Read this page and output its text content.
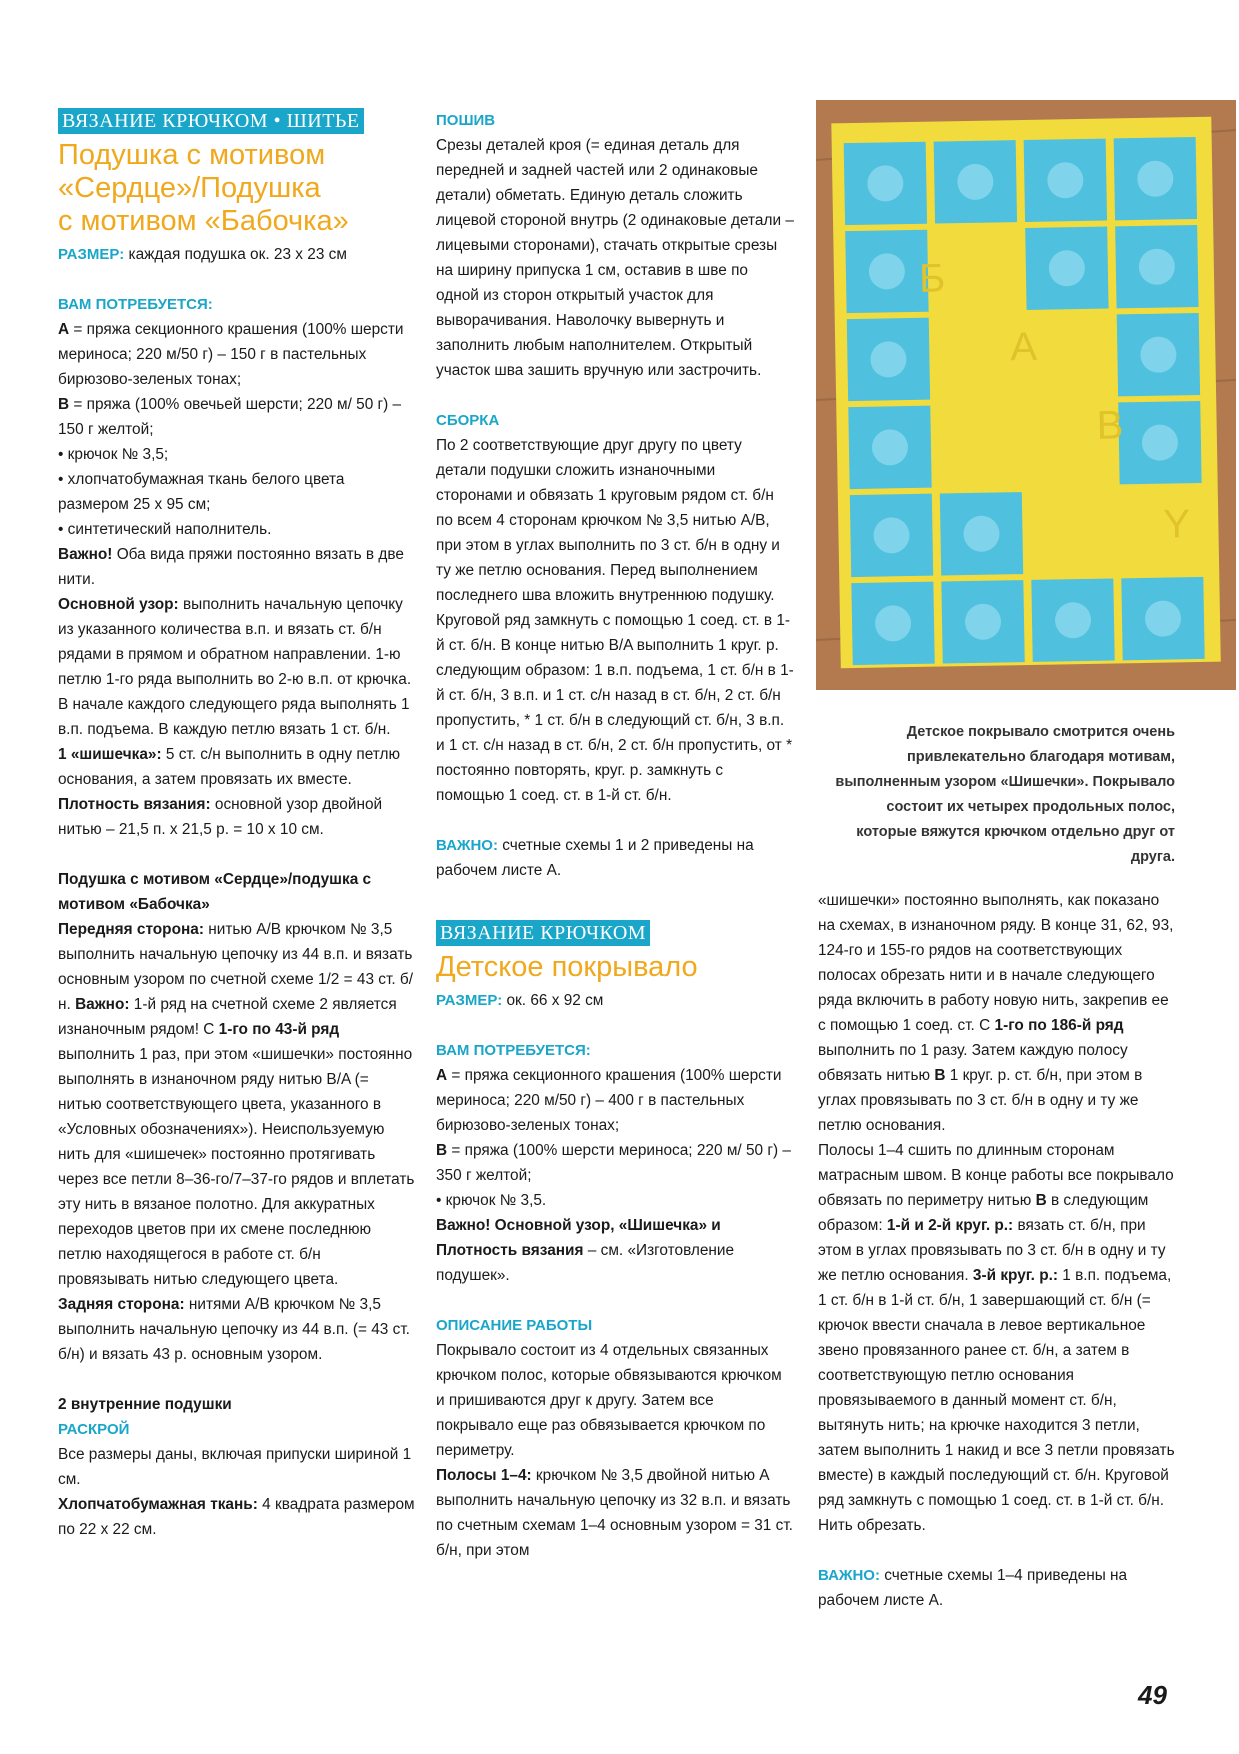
ВЯЗАНИЕ КРЮЧКОМ • ШИТЬЕ
Подушка с мотивом
«Сердце»/Подушка
с мотивом «Бабочка»

РАЗМЕР: каждая подушка ок. 23 x 23 см

ВАМ ПОТРЕБУЕТСЯ:

A = пряжа секционного крашения (100% шерсти мериноса; 220 м/50 г) – 150 г в пастельных бирюзово-зеленых тонах;

B = пряжа (100% овечьей шерсти; 220 м/ 50 г) – 150 г желтой;

• крючок № 3,5;

• хлопчатобумажная ткань белого цвета размером 25 x 95 см;

• синтетический наполнитель.

Важно! Оба вида пряжи постоянно вязать в две нити.

Основной узор: выполнить начальную цепочку из указанного количества в.п. и вязать ст. б/н рядами в прямом и обратном направлении. 1-ю петлю 1-го ряда выполнить во 2-ю в.п. от крючка. В начале каждого следующего ряда выполнять 1 в.п. подъема. В каждую петлю вязать 1 ст. б/н.

1 «шишечка»: 5 ст. с/н выполнить в одну петлю основания, а затем провязать их вместе.

Плотность вязания: основной узор двойной нитью – 21,5 п. x 21,5 р. = 10 x 10 см.

Подушка с мотивом «Сердце»/подушка с мотивом «Бабочка»

Передняя сторона: нитью A/B крючком № 3,5 выполнить начальную цепочку из 44 в.п. и вязать основным узором по счетной схеме 1/2 = 43 ст. б/н. Важно: 1-й ряд на счетной схеме 2 является изнаночным рядом! С 1-го по 43-й ряд выполнить 1 раз, при этом «шишечки» постоянно выполнять в изнаночном ряду нитью B/A (= нитью соответствующего цвета, указанного в «Условных обозначениях»). Неиспользуемую нить для «шишечек» постоянно протягивать через все петли 8–36-го/7–37-го рядов и вплетать эту нить в вязаное полотно. Для аккуратных переходов цветов при их смене последнюю петлю находящегося в работе ст. б/н провязывать нитью следующего цвета.

Задняя сторона: нитями A/B крючком № 3,5 выполнить начальную цепочку из 44 в.п. (= 43 ст. б/н) и вязать 43 р. основным узором.

2 внутренние подушки

РАСКРОЙ

Все размеры даны, включая припуски шириной 1 см.

Хлопчатобумажная ткань: 4 квадрата размером по 22 x 22 см.

ПОШИВ

Срезы деталей кроя (= единая деталь для передней и задней частей или 2 одинаковые детали) обметать. Единую деталь сложить лицевой стороной внутрь (2 одинаковые детали – лицевыми сторонами), стачать открытые срезы на ширину припуска 1 см, оставив в шве по одной из сторон открытый участок для выворачивания. Наволочку вывернуть и заполнить любым наполнителем. Открытый участок шва зашить вручную или застрочить.

СБОРКА

По 2 соответствующие друг другу по цвету детали подушки сложить изнаночными сторонами и обвязать 1 круговым рядом ст. б/н по всем 4 сторонам крючком № 3,5 нитью A/B, при этом в углах выполнить по 3 ст. б/н в одну и ту же петлю основания. Перед выполнением последнего шва вложить внутреннюю подушку. Круговой ряд замкнуть с помощью 1 соед. ст. в 1-й ст. б/н. В конце нитью B/A выполнить 1 круг. р. следующим образом: 1 в.п. подъема, 1 ст. б/н в 1-й ст. б/н, 3 в.п. и 1 ст. с/н назад в ст. б/н, 2 ст. б/н пропустить, * 1 ст. б/н в следующий ст. б/н, 3 в.п. и 1 ст. с/н назад в ст. б/н, 2 ст. б/н пропустить, от * постоянно повторять, круг. р. замкнуть с помощью 1 соед. ст. в 1-й ст. б/н.

ВАЖНО: счетные схемы 1 и 2 приведены на рабочем листе A.

ВЯЗАНИЕ КРЮЧКОМ
Детское покрывало

РАЗМЕР: ок. 66 x 92 см

ВАМ ПОТРЕБУЕТСЯ:

A = пряжа секционного крашения (100% шерсти мериноса; 220 м/50 г) – 400 г в пастельных бирюзово-зеленых тонах;

B = пряжа (100% шерсти мериноса; 220 м/ 50 г) – 350 г желтой;

• крючок № 3,5.

Важно! Основной узор, «Шишечка» и Плотность вязания – см. «Изготовление подушек».

ОПИСАНИЕ РАБОТЫ

Покрывало состоит из 4 отдельных связанных крючком полос, которые обвязываются крючком и пришиваются друг к другу. Затем все покрывало еще раз обвязывается крючком по периметру.

Полосы 1–4: крючком № 3,5 двойной нитью A выполнить начальную цепочку из 32 в.п. и вязать по счетным схемам 1–4 основным узором = 31 ст. б/н, при этом

Б
А
В
Y
Детское покрывало смотрится очень привлекательно благодаря мотивам, выполненным узором «Шишечки». Покрывало состоит их четырех продольных полос, которые вяжутся крючком отдельно друг от друга.

«шишечки» постоянно выполнять, как показано на схемах, в изнаночном ряду. В конце 31, 62, 93, 124-го и 155-го рядов на соответствующих полосах обрезать нити и в начале следующего ряда включить в работу новую нить, закрепив ее с помощью 1 соед. ст. С 1-го по 186-й ряд выполнить по 1 разу. Затем каждую полосу обвязать нитью B 1 круг. р. ст. б/н, при этом в углах провязывать по 3 ст. б/н в одну и ту же петлю основания.

Полосы 1–4 сшить по длинным сторонам матрасным швом. В конце работы все покрывало обвязать по периметру нитью B в следующим образом: 1-й и 2-й круг. р.: вязать ст. б/н, при этом в углах провязывать по 3 ст. б/н в одну и ту же петлю основания. 3-й круг. р.: 1 в.п. подъема, 1 ст. б/н в 1-й ст. б/н, 1 завершающий ст. б/н (= крючок ввести сначала в левое вертикальное звено провязанного ранее ст. б/н, а затем в соответствующую петлю основания провязываемого в данный момент ст. б/н, вытянуть нить; на крючке находится 3 петли, затем выполнить 1 накид и все 3 петли провязать вместе) в каждый последующий ст. б/н. Круговой ряд замкнуть с помощью 1 соед. ст. в 1-й ст. б/н. Нить обрезать.

ВАЖНО: счетные схемы 1–4 приведены на рабочем листе A.

49
